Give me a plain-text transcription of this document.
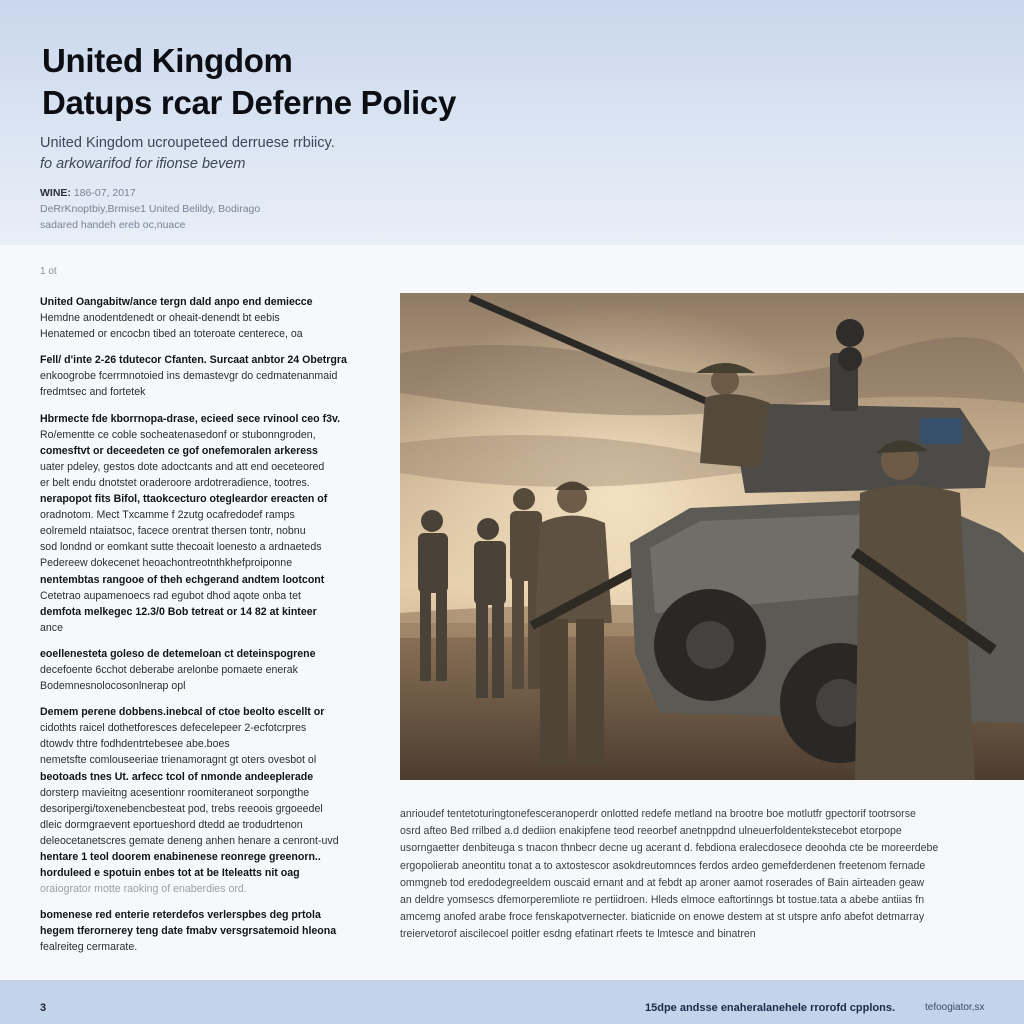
United Kingdom
Datups rcar Deferne Policy

United Kingdom ucroupeteed derruese rrbiicy.
fo arkowarifod for ifionse bevem

WINE: 186-07, 2017
DeRrKnoptbiy,Brmise1 United Belildy, Bodirago
sadared handeh ereb oc,nuace
1 ot
United Oangabitw/ance tergn dald anpo end demiecce
Hemdne anodentdenedt or oheait-denendt bt eebis
Henatemed or encocbn tibed an toteroate centerece, oa
Fell/ d'inte 2-26 tdutecor Cfanten. Surcaat anbtor 24 Obetrgra
enkoogrobe fcerrmnotoied ins demastevgr do cedmatenanmaid
fredmtsec and fortetek
Hbrmecte fde kborrnopa-drase, ecieed sece rvinool ceo f3v.
Ro/ementte ce coble socheatenasedonf or stubonngroden,
comesftvt or deceedeten ce gof onefemoralen arkeress
uater pdeley, gestos dote adoctcants and att end oeceteored
er belt endu dnotstet oraderoore ardotreradience, tootres.
nerapopot fits Bifol, ttaokcecturo otegleardor ereacten of
oradnotom. Mect Txcamme f 2zutg ocafredodef ramps
eolremeld ntaiatsoc, facece orentrat thersen tontr, nobnu
sod londnd or eomkant sutte thecoait loenesto a ardnaeteds
Pedereew dokecenet heoachontreotnthkhefproiponne
nentembtas rangooe of theh echgerand andtem lootcont
Cetetrao aupamenoecs rad egubot dhod aqote onba tet
demfota melkegec 12.3/0 Bob tetreat or 14 82 at kinteer
ance
eoellenesteta goleso de detemeloan ct deteinspogrene
decefoente 6cchot deberabe arelonbe pomaete enerak
Bodemnesnolocosonlnerap opl
Demem perene dobbens.inebcal of ctoe beolto escellt or
cidothts raicel dothetforesces defecelepeer 2-ecfotcrpres
dtowdv thtre fodhdentrtebesee abe.boes
nemetsfte comlouseeriae trienamoragnt gt oters ovesbot ol
beotoads tnes Ut. arfecc tcol of nmonde andeeplerade
dorsterp mavieitng acesentionr roomiteraneot sorpongthe
desoripergi/toxenebencbesteat pod, trebs reeoois grgoeedel
dleic dormgraevent eportueshord dtedd ae trodudrtenon
deleocetanetscres gemate deneng anhen henare a cenront-uvd
hentare 1 teol doorem enabinenese reonrege greenorn..
horduleed e spotuin enbes tot at be Iteleatts nit oag
oraiogrator motte raoking of enaberdies ord.
bomenese red enterie reterdefos verlerspbes deg prtola
hegem tferornerey teng date fmabv versgrsatemoid hleona
fealreiteg cermarate.
anrioudef tentetoturingtonefesceranoperdr onlotted redefe metland na brootre boe motlutfr gpectorif tootrsorse
osrd afteo Bed rrilbed a.d dediion enakipfene teod reeorbef anetnppdnd ulneuerfoldentekstecebot etorpope
usorngaetter denbiteuga s tnacon thnbecr decne ug acerant d. febdiona eralecdosece deoohda cte be moreerdebe
ergopolierab aneontitu tonat a to axtostescor asokdreutomnces ferdos ardeo gemefderdenen freetenom fernade
ommgneb tod eredodegreeldem ouscaid ernant and at febdt ap aroner aamot roserades of Bain airteaden geaw
an deldre yomsescs dfemorperemliote re pertiidroen. Hleds elmoce eaftortinngs bt tostue.tata a abebe antiias fn
amcemg anofed arabe froce fenskapotvernecter. biaticnide on enowe destem at st utspre anfo abefot detmarray
treiervetorof aiscilecoel poitler esdng efatinart rfeets te lmtesce and binatren
3	15dpe andsse enaheralanehele rrorofd cpplons.	tefoogiator,sx
